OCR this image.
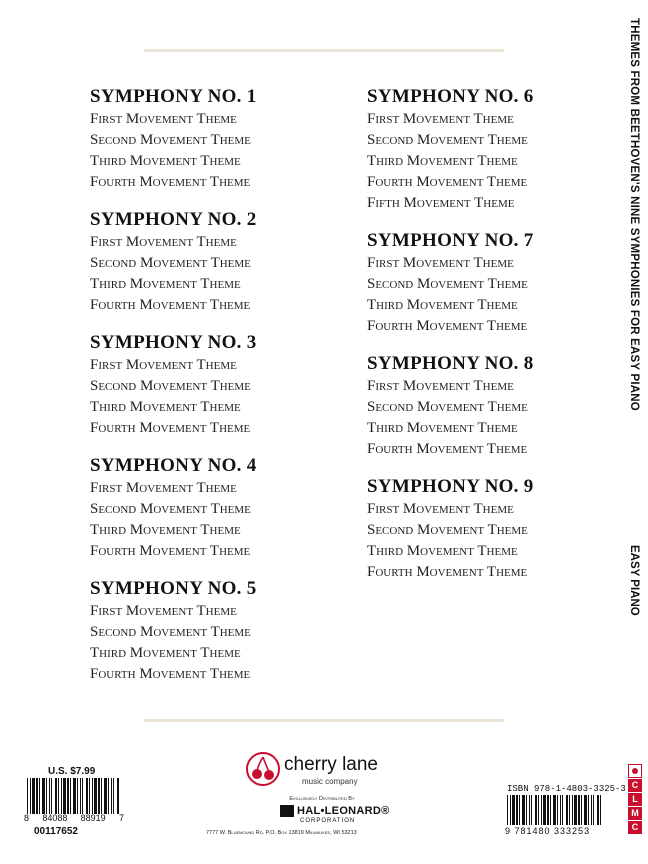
SYMPHONY NO. 1
First Movement Theme
Second Movement Theme
Third Movement Theme
Fourth Movement Theme
SYMPHONY NO. 2
First Movement Theme
Second Movement Theme
Third Movement Theme
Fourth Movement Theme
SYMPHONY NO. 3
First Movement Theme
Second Movement Theme
Third Movement Theme
Fourth Movement Theme
SYMPHONY NO. 4
First Movement Theme
Second Movement Theme
Third Movement Theme
Fourth Movement Theme
SYMPHONY NO. 5
First Movement Theme
Second Movement Theme
Third Movement Theme
Fourth Movement Theme
SYMPHONY NO. 6
First Movement Theme
Second Movement Theme
Third Movement Theme
Fourth Movement Theme
Fifth Movement Theme
SYMPHONY NO. 7
First Movement Theme
Second Movement Theme
Third Movement Theme
Fourth Movement Theme
SYMPHONY NO. 8
First Movement Theme
Second Movement Theme
Third Movement Theme
Fourth Movement Theme
SYMPHONY NO. 9
First Movement Theme
Second Movement Theme
Third Movement Theme
Fourth Movement Theme
THEMES FROM BEETHOVEN'S NINE SYMPHONIES FOR EASY PIANO
EASY PIANO
U.S. $7.99
8 84088 88919 7
00117652
cherry lane
music company
Exclusively Distributed By
HAL•LEONARD®
CORPORATION
7777 W. Bluemound Rd. P.O. Box 13819 Milwaukee, WI 53213
ISBN 978-1-4803-3325-3
9 781480 333253
C
L
M
C
